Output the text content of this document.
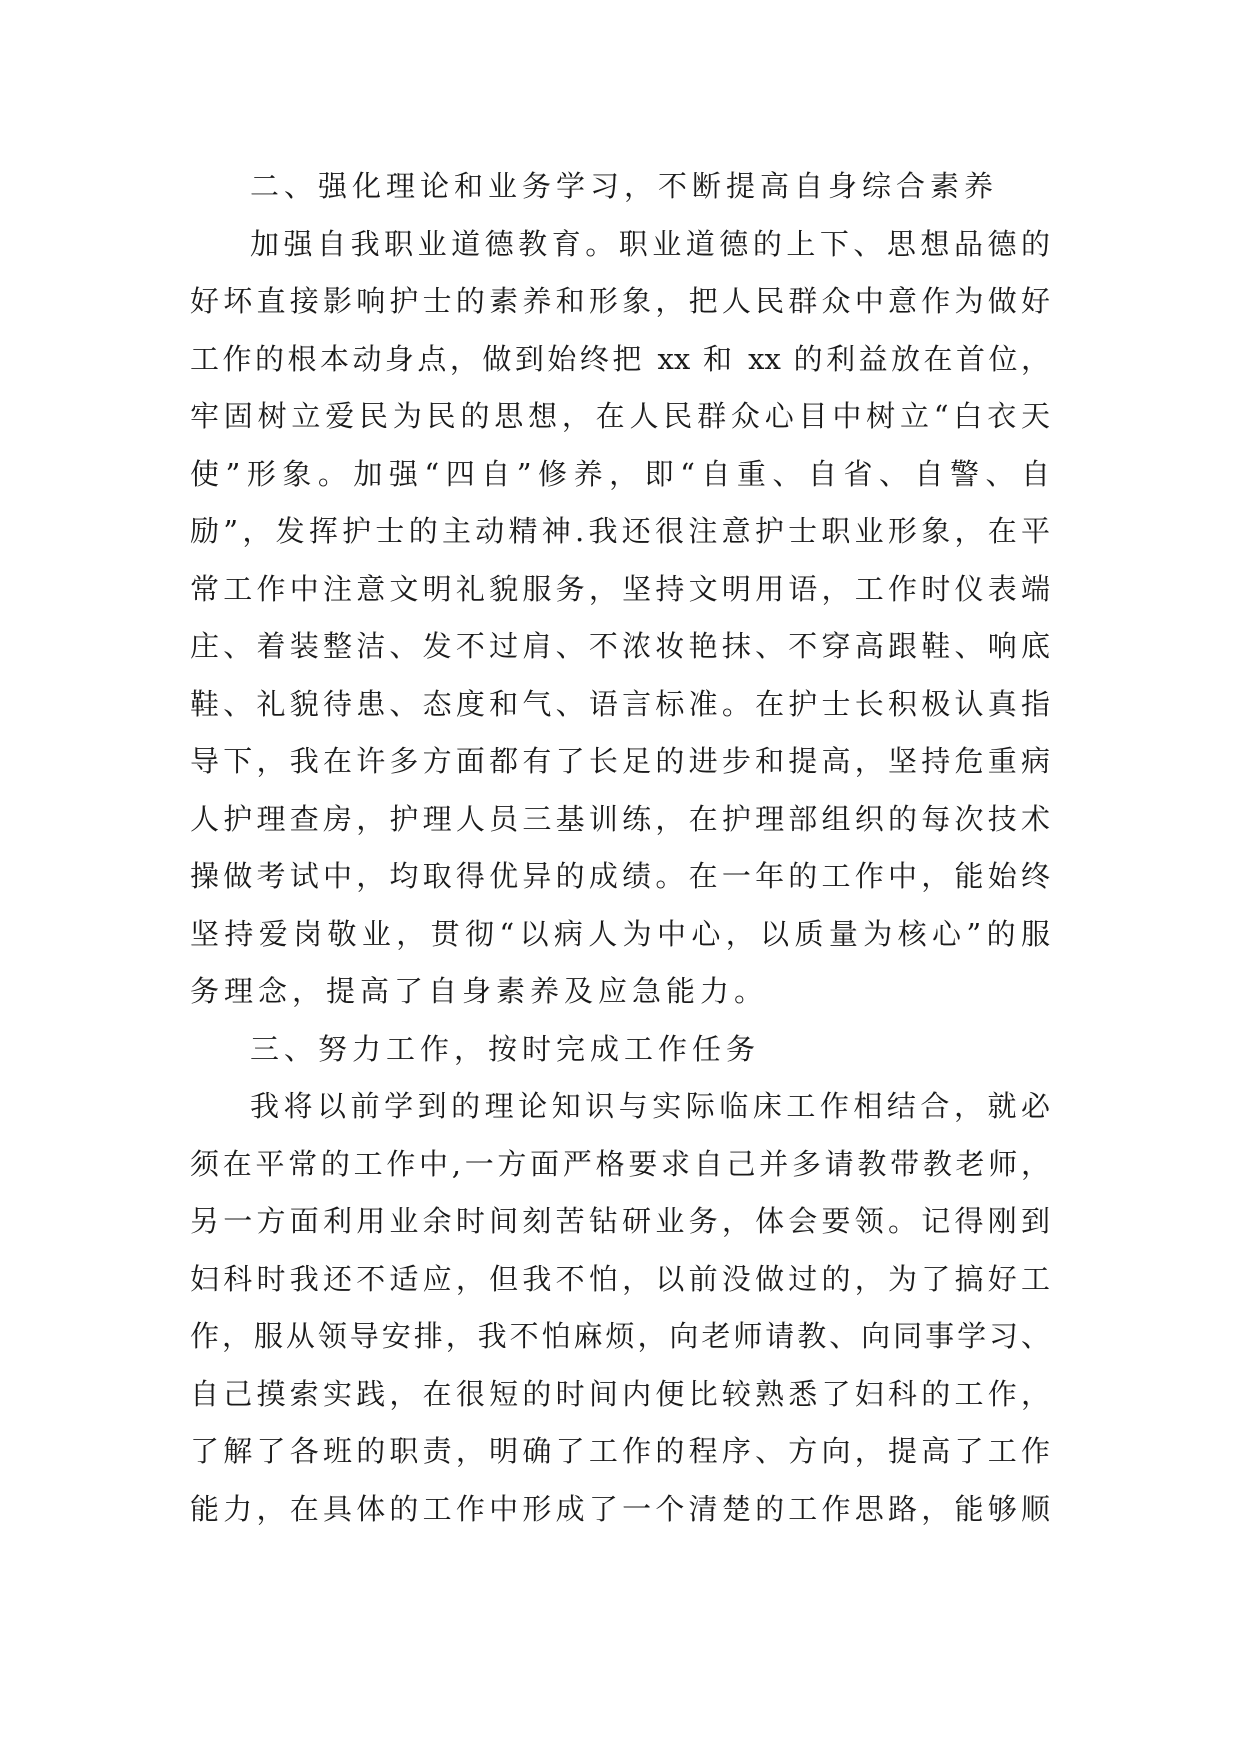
二、强化理论和业务学习，不断提高自身综合素养
加强自我职业道德教育。职业道德的上下、思想品德的
好坏直接影响护士的素养和形象，把人民群众中意作为做好
工作的根本动身点，做到始终把 xx 和 xx 的利益放在首位，
牢固树立爱民为民的思想，在人民群众心目中树立“白衣天
使”形象。加强“四自”修养，即“自重、自省、自警、自
励”，发挥护士的主动精神.我还很注意护士职业形象，在平
常工作中注意文明礼貌服务，坚持文明用语，工作时仪表端
庄、着装整洁、发不过肩、不浓妆艳抹、不穿高跟鞋、响底
鞋、礼貌待患、态度和气、语言标准。在护士长积极认真指
导下，我在许多方面都有了长足的进步和提高，坚持危重病
人护理查房，护理人员三基训练，在护理部组织的每次技术
操做考试中，均取得优异的成绩。在一年的工作中，能始终
坚持爱岗敬业，贯彻“以病人为中心，以质量为核心”的服
务理念，提高了自身素养及应急能力。
三、努力工作，按时完成工作任务
我将以前学到的理论知识与实际临床工作相结合，就必
须在平常的工作中,一方面严格要求自己并多请教带教老师，
另一方面利用业余时间刻苦钻研业务，体会要领。记得刚到
妇科时我还不适应，但我不怕，以前没做过的，为了搞好工
作，服从领导安排，我不怕麻烦，向老师请教、向同事学习、
自己摸索实践，在很短的时间内便比较熟悉了妇科的工作，
了解了各班的职责，明确了工作的程序、方向，提高了工作
能力，在具体的工作中形成了一个清楚的工作思路，能够顺
